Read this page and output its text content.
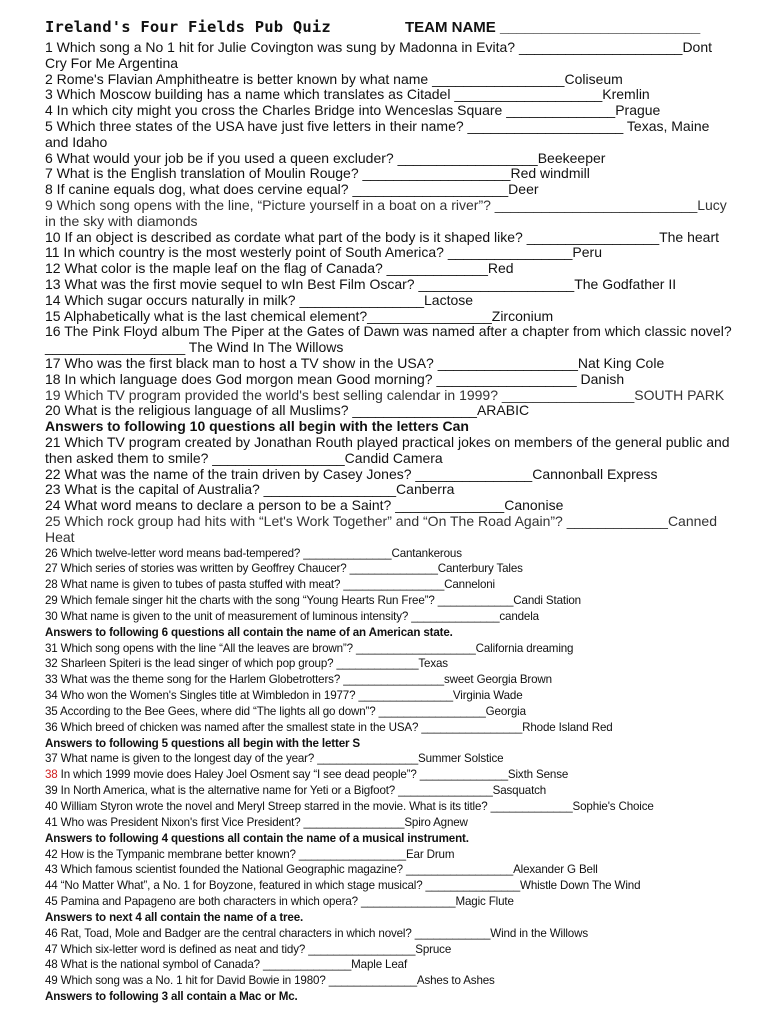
Ireland's Four Fields Pub Quiz	TEAM NAME ________________________
1 Which song a No 1 hit for Julie Covington was sung by Madonna in Evita? _____________________Dont Cry For Me Argentina
2 Rome's Flavian Amphitheatre is better known by what name _________________Coliseum
3 Which Moscow building has a name which translates as Citadel ___________________Kremlin
4 In which city might you cross the Charles Bridge into Wenceslas Square ______________Prague
5 Which three states of the USA have just five letters in their name? ____________________ Texas, Maine and Idaho
6 What would your job be if you used a queen excluder? __________________Beekeeper
7 What is the English translation of Moulin Rouge? ___________________Red windmill
8 If canine equals dog, what does cervine equal? ____________________Deer
9 Which song opens with the line, “Picture yourself in a boat on a river”? __________________________Lucy in the sky with diamonds
10 If an object is described as cordate what part of the body is it shaped like? _________________The heart
11 In which country is the most westerly point of South America? ________________Peru
12 What color is the maple leaf on the flag of Canada? _____________Red
13 What was the first movie sequel to wIn Best Film Oscar? ____________________The Godfather II
14 Which sugar occurs naturally in milk? ________________Lactose
15 Alphabetically what is the last chemical element?________________Zirconium
16 The Pink Floyd album The Piper at the Gates of Dawn was named after a chapter from which classic novel? __________________ The Wind In The Willows
17 Who was the first black man to host a TV show in the USA? __________________Nat King Cole
18 In which language does God morgon mean Good morning? __________________ Danish
19 Which TV program provided the world's best selling calendar in 1999? _________________SOUTH PARK
20 What is the religious language of all Muslims? ________________ARABIC
Answers to following 10 questions all begin with the letters Can
21 Which TV program created by Jonathan Routh played practical jokes on members of the general public and then asked them to smile? _________________Candid Camera
22 What was the name of the train driven by Casey Jones? _______________Cannonball Express
23 What is the capital of Australia? _________________Canberra
24 What word means to declare a person to be a Saint? ______________Canonise
25 Which rock group had hits with “Let's Work Together” and “On The Road Again”? _____________Canned Heat
26 Which twelve-letter word means bad-tempered? ______________Cantankerous
27 Which series of stories was written by Geoffrey Chaucer? ______________Canterbury Tales
28 What name is given to tubes of pasta stuffed with meat? ________________Canneloni
29 Which female singer hit the charts with the song “Young Hearts Run Free”? ____________Candi Station
30 What name is given to the unit of measurement of luminous intensity? ______________candela
Answers to following 6 questions all contain the name of an American state.
31 Which song opens with the line “All the leaves are brown”? ___________________California dreaming
32 Sharleen Spiteri is the lead singer of which pop group? _____________Texas
33 What was the theme song for the Harlem Globetrotters? ________________sweet Georgia Brown
34 Who won the Women's Singles title at Wimbledon in 1977? _______________Virginia Wade
35 According to the Bee Gees, where did “The lights all go down”? _________________Georgia
36 Which breed of chicken was named after the smallest state in the USA? ________________Rhode Island Red
Answers to following 5 questions all begin with the letter S
37 What name is given to the longest day of the year? ________________Summer Solstice
38 In which 1999 movie does Haley Joel Osment say “I see dead people”? ______________Sixth Sense
39 In North America, what is the alternative name for Yeti or a Bigfoot? _______________Sasquatch
40 William Styron wrote the novel and Meryl Streep starred in the movie. What is its title? _____________Sophie's Choice
41 Who was President Nixon's first Vice President? ________________Spiro Agnew
Answers to following 4 questions all contain the name of a musical instrument.
42 How is the Tympanic membrane better known? _________________Ear Drum
43 Which famous scientist founded the National Geographic magazine? _________________Alexander G Bell
44 “No Matter What”, a No. 1 for Boyzone, featured in which stage musical? _______________Whistle Down The Wind
45 Pamina and Papageno are both characters in which opera? _______________Magic Flute
Answers to next 4 all contain the name of a tree.
46 Rat, Toad, Mole and Badger are the central characters in which novel? ____________Wind in the Willows
47 Which six-letter word is defined as neat and tidy? _________________Spruce
48 What is the national symbol of Canada? ______________Maple Leaf
49 Which song was a No. 1 hit for David Bowie in 1980? ______________Ashes to Ashes
Answers to following 3 all contain a Mac or Mc.
